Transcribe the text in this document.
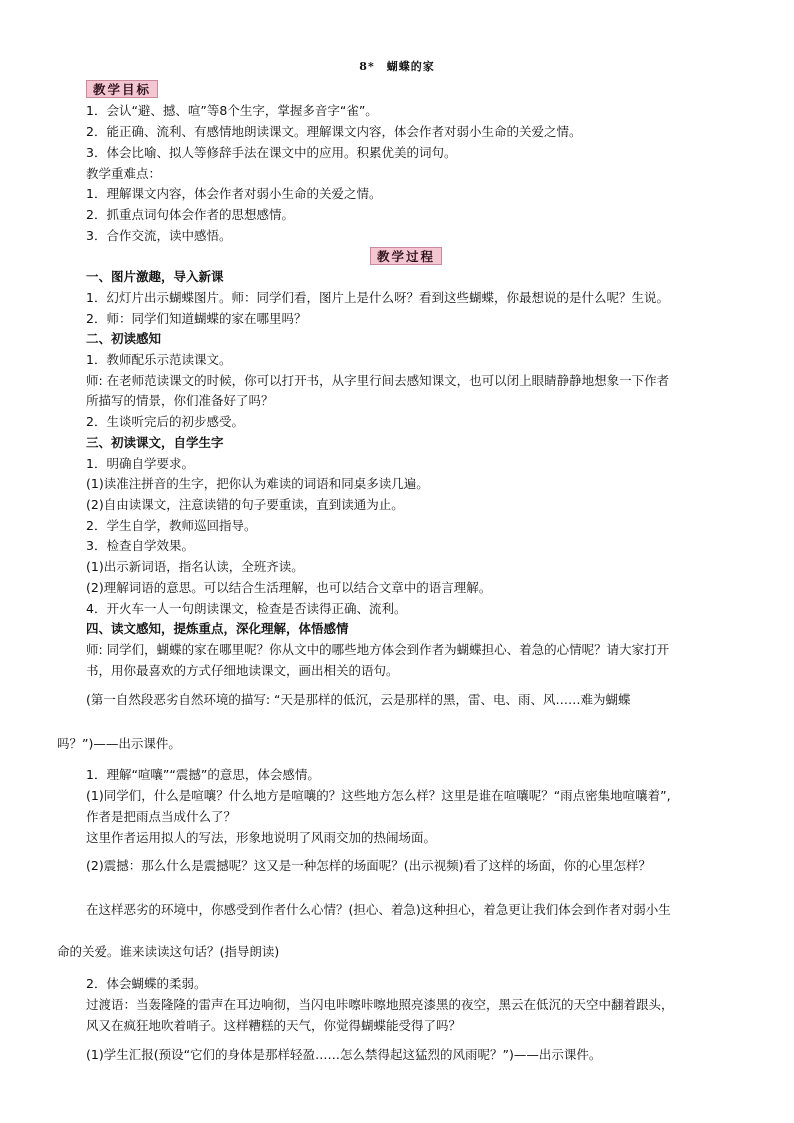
8*　蝴蝶的家
教学目标
1．会认“避、撼、喧”等8个生字，掌握多音字“雀”。
2．能正确、流利、有感情地朗读课文。理解课文内容，体会作者对弱小生命的关爱之情。
3．体会比喻、拟人等修辞手法在课文中的应用。积累优美的词句。
教学重难点：
1．理解课文内容，体会作者对弱小生命的关爱之情。
2．抓重点词句体会作者的思想感情。
3．合作交流，读中感悟。
教学过程
一、图片激趣，导入新课
1．幻灯片出示蝴蝶图片。师：同学们看，图片上是什么呀？看到这些蝴蝶，你最想说的是什么呢？生说。
2．师：同学们知道蝴蝶的家在哪里吗？
二、初读感知
1．教师配乐示范读课文。
师: 在老师范读课文的时候，你可以打开书，从字里行间去感知课文，也可以闭上眼睛静静地想象一下作者
所描写的情景，你们准备好了吗？
2．生谈听完后的初步感受。
三、初读课文，自学生字
1．明确自学要求。
(1)读准注拼音的生字，把你认为难读的词语和同桌多读几遍。
(2)自由读课文，注意读错的句子要重读，直到读通为止。
2．学生自学，教师巡回指导。
3．检查自学效果。
(1)出示新词语，指名认读，全班齐读。
(2)理解词语的意思。可以结合生活理解，也可以结合文章中的语言理解。
4．开火车一人一句朗读课文，检查是否读得正确、流利。
四、读文感知，提炼重点，深化理解，体悟感情
师: 同学们，蝴蝶的家在哪里呢？你从文中的哪些地方体会到作者为蝴蝶担心、着急的心情呢？请大家打开
书，用你最喜欢的方式仔细地读课文，画出相关的语句。
(第一自然段恶劣自然环境的描写: “天是那样的低沉，云是那样的黑，雷、电、雨、风……难为蝴蝶
吗？”)——出示课件。
1．理解“喧嚷”“震撼”的意思，体会感情。
(1)同学们，什么是喧嚷？什么地方是喧嚷的？这些地方怎么样？这里是谁在喧嚷呢？“雨点密集地喧嚷着”,
作者是把雨点当成什么了？
这里作者运用拟人的写法，形象地说明了风雨交加的热闹场面。
(2)震撼：那么什么是震撼呢？这又是一种怎样的场面呢？(出示视频)看了这样的场面，你的心里怎样？
在这样恶劣的环境中，你感受到作者什么心情？(担心、着急)这种担心，着急更让我们体会到作者对弱小生
命的关爱。谁来读读这句话？(指导朗读)
2．体会蝴蝶的柔弱。
过渡语：当轰隆隆的雷声在耳边响彻，当闪电咔嚓咔嚓地照亮漆黑的夜空，黑云在低沉的天空中翻着跟头，
风又在疯狂地吹着哨子。这样糟糕的天气，你觉得蝴蝶能受得了吗？
(1)学生汇报(预设“它们的身体是那样轻盈……怎么禁得起这猛烈的风雨呢？”)——出示课件。
